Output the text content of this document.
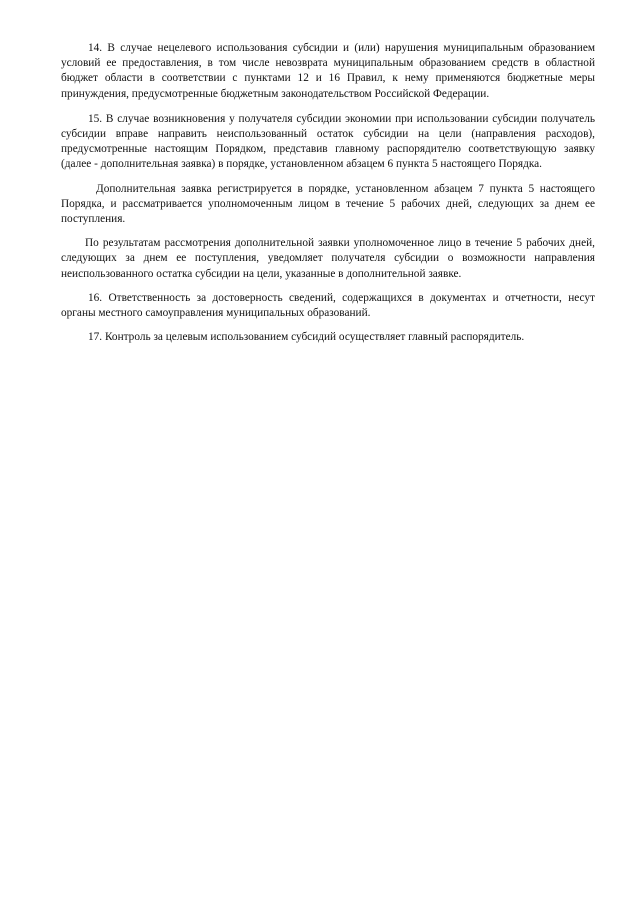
14. В случае нецелевого использования субсидии и (или) нарушения муниципальным образованием условий ее предоставления, в том числе невозврата муниципальным образованием средств в областной бюджет области в соответствии с пунктами 12 и 16 Правил, к нему применяются бюджетные меры принуждения, предусмотренные бюджетным законодательством Российской Федерации.

15. В случае возникновения у получателя субсидии экономии при использовании субсидии получатель субсидии вправе направить неиспользованный остаток субсидии на цели (направления расходов), предусмотренные настоящим Порядком, представив главному распорядителю соответствующую заявку (далее - дополнительная заявка) в порядке, установленном абзацем 6 пункта 5 настоящего Порядка.

Дополнительная заявка регистрируется в порядке, установленном абзацем 7 пункта 5 настоящего Порядка, и рассматривается уполномоченным лицом в течение 5 рабочих дней, следующих за днем ее поступления.

По результатам рассмотрения дополнительной заявки уполномоченное лицо в течение 5 рабочих дней, следующих за днем ее поступления, уведомляет получателя субсидии о возможности направления неиспользованного остатка субсидии на цели, указанные в дополнительной заявке.

16. Ответственность за достоверность сведений, содержащихся в документах и отчетности, несут органы местного самоуправления муниципальных образований.

17. Контроль за целевым использованием субсидий осуществляет главный распорядитель.
